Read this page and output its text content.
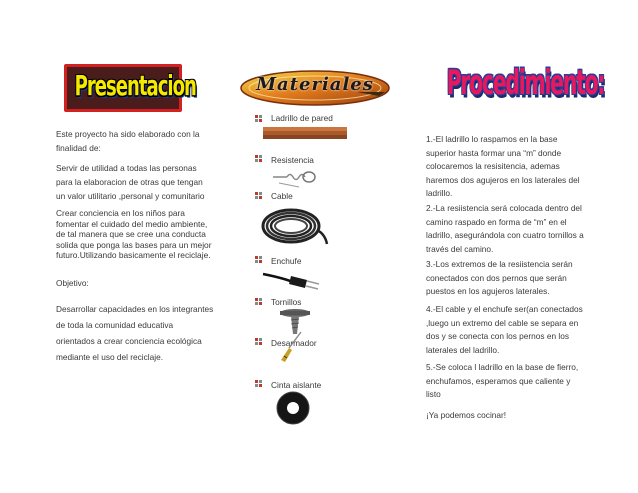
Presentacion
Este proyecto ha sido elaborado con la finalidad de:
Servir de utilidad a todas las personas para la elaboracion de otras que tengan un valor utilitario ,personal y comunitario
Crear conciencia en los niños para fomentar el cuidado del medio ambiente, de tal manera que se cree una conducta solida que ponga las bases para un mejor futuro.Utilizando basicamente el reciclaje.
Objetivo:
Desarrollar capacidades en los integrantes de toda la comunidad educativa orientados a crear conciencia ecológica mediante el uso del reciclaje.
Materiales
Ladrillo de pared
Resistencia
Cable
Enchufe
Tornillos
Desarmador
Cinta aislante
Procedimiento:
1.-El ladrillo lo raspamos en la base superior hasta formar una “m” donde colocaremos la resisitencia, ademas haremos dos agujeros en los laterales del ladrillo.
2.-La resiistencia será colocada dentro del camino raspado en forma de “m” en el ladrillo, asegurándola con cuatro tornillos a través del camino.
3.-Los extremos de la resiistencia serán conectados con dos pernos que serán puestos en los agujeros laterales.
4.-El cable y el enchufe ser(an conectados ,luego un extremo del cable se separa en dos y se conecta con los pernos en los laterales del ladrillo.
5.-Se coloca l ladrillo en la base de fierro, enchufamos, esperamos que caliente y listo
¡Ya podemos cocinar!
